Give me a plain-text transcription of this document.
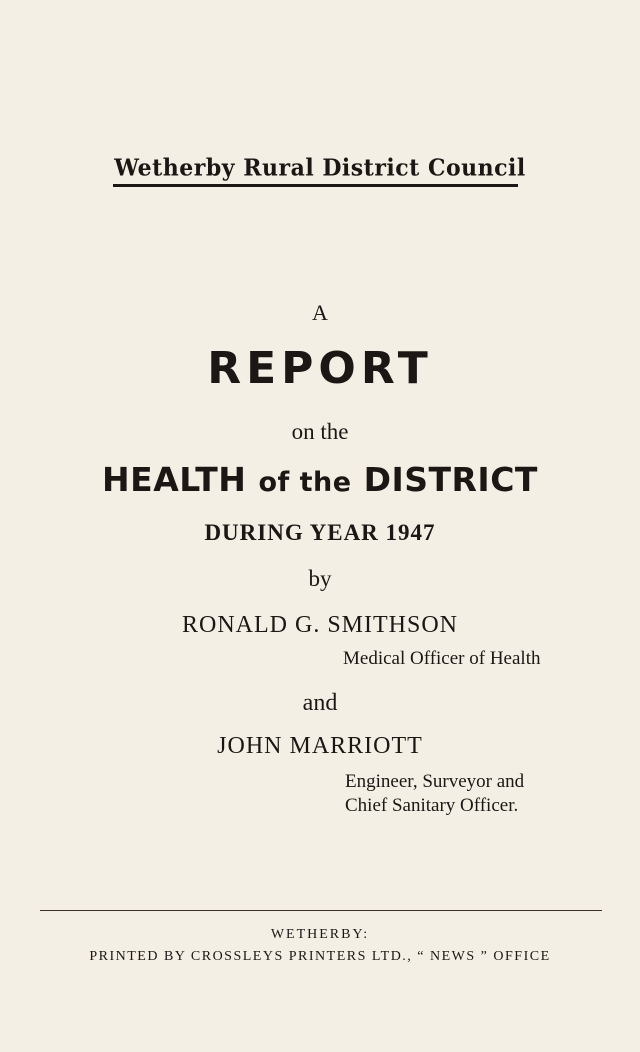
Wetherby Rural District Council
A
REPORT
on the
HEALTH of the DISTRICT
DURING YEAR 1947
by
RONALD G. SMITHSON
Medical Officer of Health
and
JOHN MARRIOTT
Engineer, Surveyor and
Chief Sanitary Officer.
WETHERBY:
PRINTED BY CROSSLEYS PRINTERS LTD., “ NEWS ” OFFICE
